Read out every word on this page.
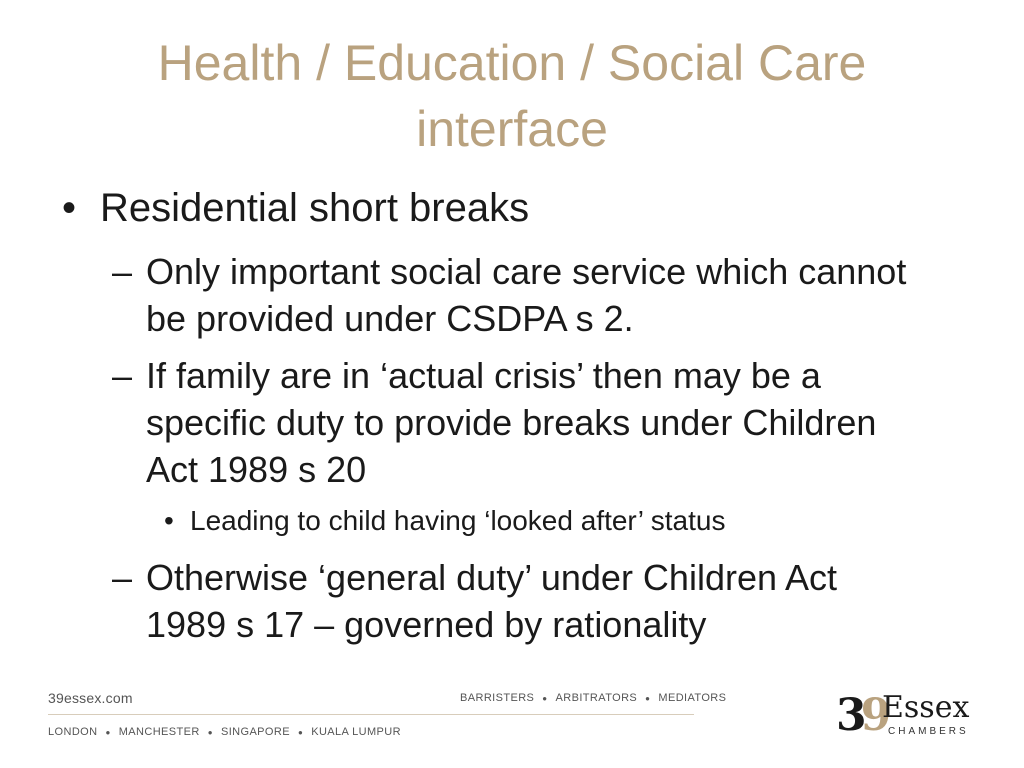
Health / Education / Social Care
interface
• Residential short breaks
– Only important social care service which cannot
be provided under CSDPA s 2.
– If family are in ‘actual crisis’ then may be a
specific duty to provide breaks under Children
Act 1989 s 20
• Leading to child having ‘looked after’ status
– Otherwise ‘general duty’ under Children Act
1989 s 17 – governed by rationality
39essex.com	BARRISTERS ● ARBITRATORS ● MEDIATORS
LONDON ● MANCHESTER ● SINGAPORE ● KUALA LUMPUR	39
Essex
CHAMBERS
